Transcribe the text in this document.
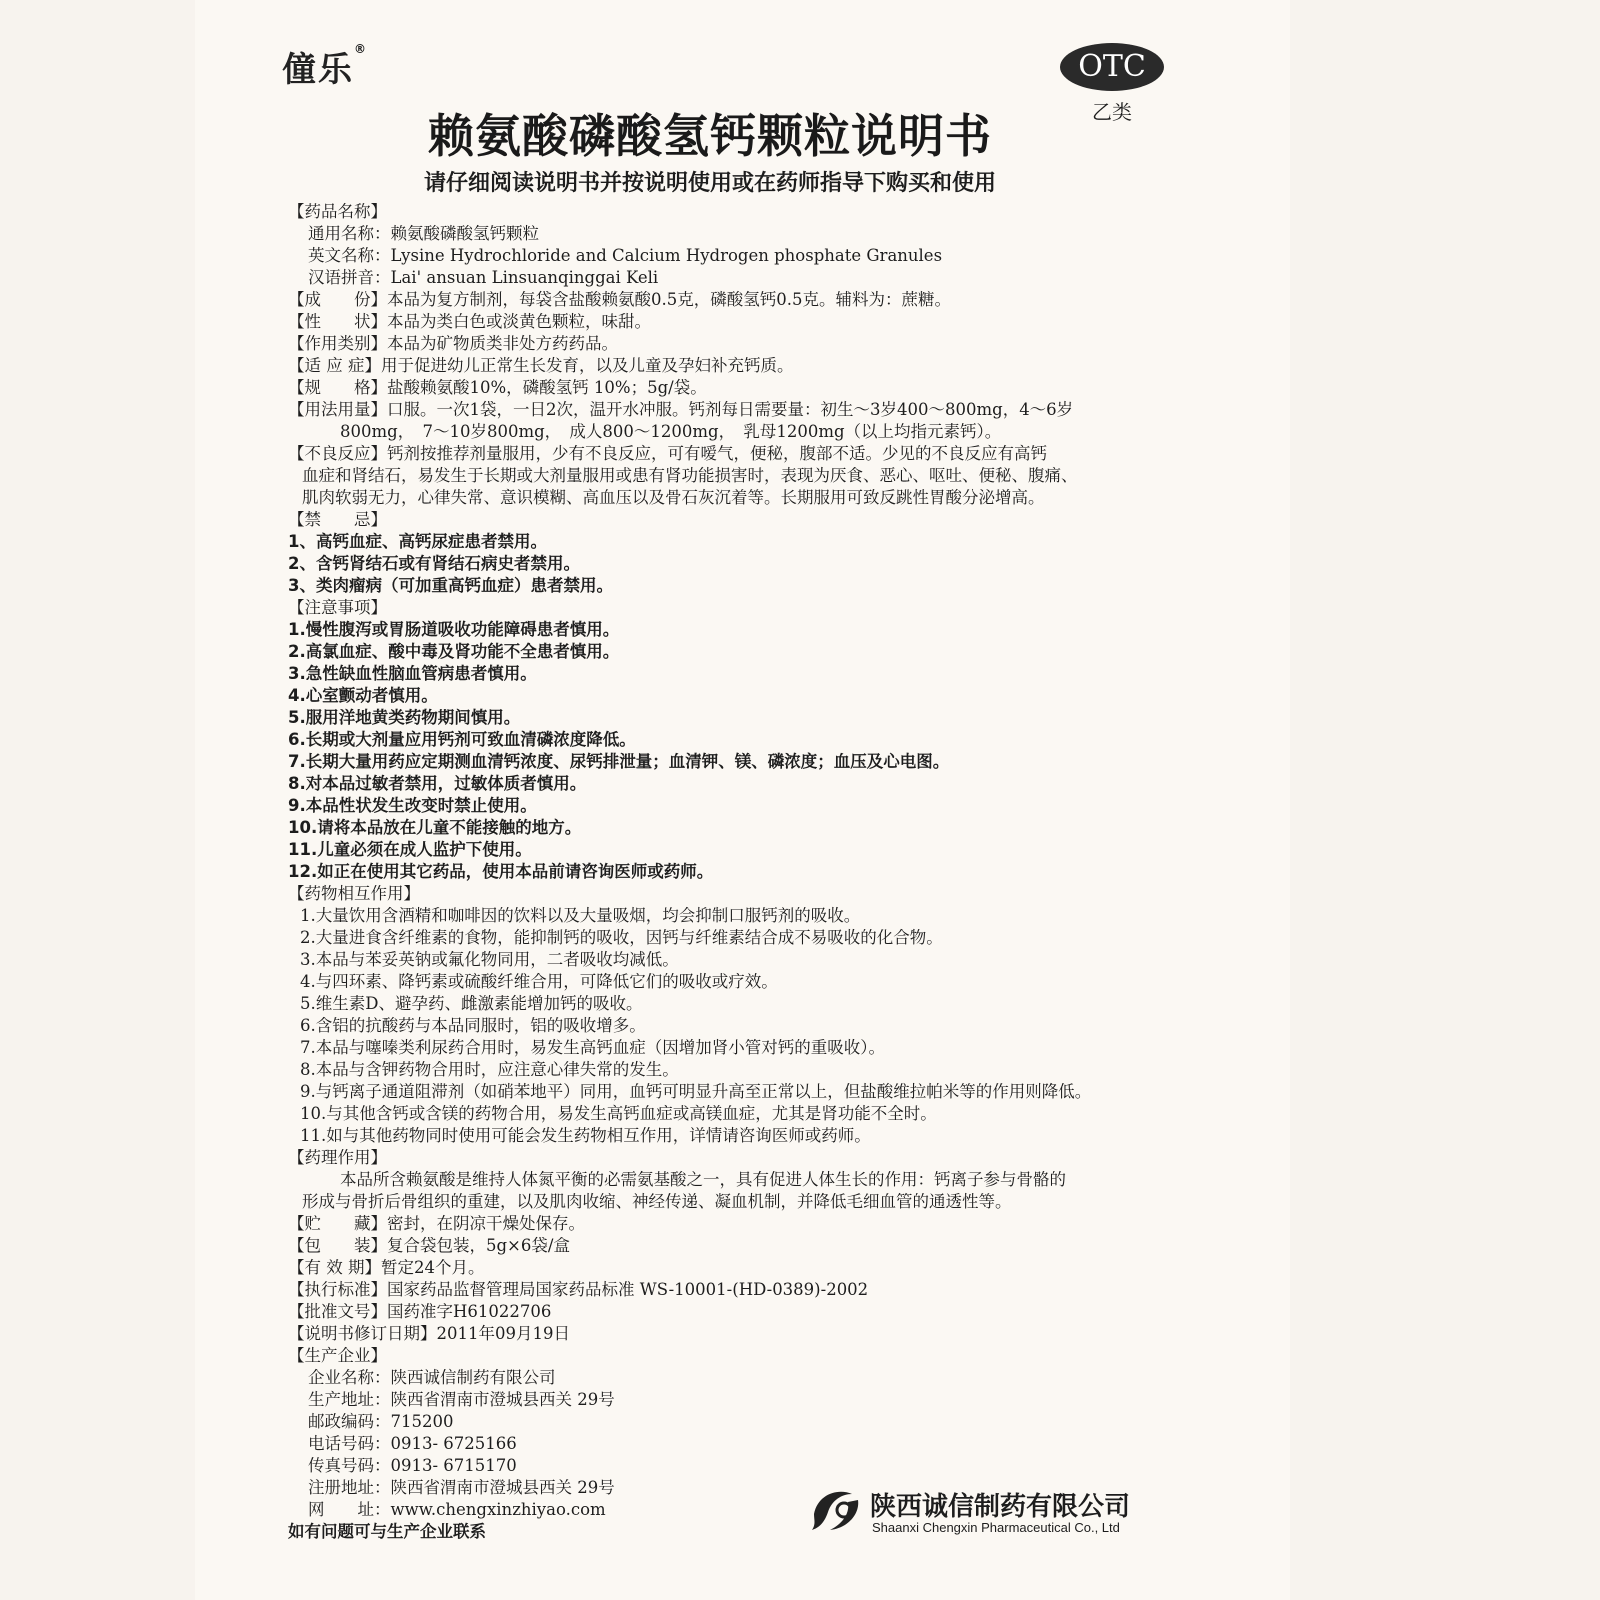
僮乐®	OTC
乙类
赖氨酸磷酸氢钙颗粒说明书
请仔细阅读说明书并按说明使用或在药师指导下购买和使用
【药品名称】
通用名称：赖氨酸磷酸氢钙颗粒
英文名称：Lysine Hydrochloride and Calcium Hydrogen phosphate Granules
汉语拼音：Lai' ansuan Linsuanqinggai Keli
【成　　份】本品为复方制剂，每袋含盐酸赖氨酸0.5克，磷酸氢钙0.5克。辅料为：蔗糖。
【性　　状】本品为类白色或淡黄色颗粒，味甜。
【作用类别】本品为矿物质类非处方药药品。
【适 应 症】用于促进幼儿正常生长发育，以及儿童及孕妇补充钙质。
【规　　格】盐酸赖氨酸10%，磷酸氢钙 10%；5g/袋。
【用法用量】口服。一次1袋，一日2次，温开水冲服。钙剂每日需要量：初生～3岁400～800mg，4～6岁
800mg，　7～10岁800mg，　成人800～1200mg，　乳母1200mg（以上均指元素钙）。
【不良反应】钙剂按推荐剂量服用，少有不良反应，可有嗳气，便秘，腹部不适。少见的不良反应有高钙
血症和肾结石，易发生于长期或大剂量服用或患有肾功能损害时，表现为厌食、恶心、呕吐、便秘、腹痛、
肌肉软弱无力，心律失常、意识模糊、高血压以及骨石灰沉着等。长期服用可致反跳性胃酸分泌增高。
【禁　　忌】
1、高钙血症、高钙尿症患者禁用。
2、含钙肾结石或有肾结石病史者禁用。
3、类肉瘤病（可加重高钙血症）患者禁用。
【注意事项】
1.慢性腹泻或胃肠道吸收功能障碍患者慎用。
2.高氯血症、酸中毒及肾功能不全患者慎用。
3.急性缺血性脑血管病患者慎用。
4.心室颤动者慎用。
5.服用洋地黄类药物期间慎用。
6.长期或大剂量应用钙剂可致血清磷浓度降低。
7.长期大量用药应定期测血清钙浓度、尿钙排泄量；血清钾、镁、磷浓度；血压及心电图。
8.对本品过敏者禁用，过敏体质者慎用。
9.本品性状发生改变时禁止使用。
10.请将本品放在儿童不能接触的地方。
11.儿童必须在成人监护下使用。
12.如正在使用其它药品，使用本品前请咨询医师或药师。
【药物相互作用】
1.大量饮用含酒精和咖啡因的饮料以及大量吸烟，均会抑制口服钙剂的吸收。
2.大量进食含纤维素的食物，能抑制钙的吸收，因钙与纤维素结合成不易吸收的化合物。
3.本品与苯妥英钠或氟化物同用，二者吸收均减低。
4.与四环素、降钙素或硫酸纤维合用，可降低它们的吸收或疗效。
5.维生素D、避孕药、雌激素能增加钙的吸收。
6.含铝的抗酸药与本品同服时，铝的吸收增多。
7.本品与噻嗪类利尿药合用时，易发生高钙血症（因增加肾小管对钙的重吸收）。
8.本品与含钾药物合用时，应注意心律失常的发生。
9.与钙离子通道阻滞剂（如硝苯地平）同用，血钙可明显升高至正常以上，但盐酸维拉帕米等的作用则降低。
10.与其他含钙或含镁的药物合用，易发生高钙血症或高镁血症，尤其是肾功能不全时。
11.如与其他药物同时使用可能会发生药物相互作用，详情请咨询医师或药师。
【药理作用】
本品所含赖氨酸是维持人体氮平衡的必需氨基酸之一，具有促进人体生长的作用：钙离子参与骨骼的
形成与骨折后骨组织的重建，以及肌肉收缩、神经传递、凝血机制，并降低毛细血管的通透性等。
【贮　　藏】密封，在阴凉干燥处保存。
【包　　装】复合袋包装，5g×6袋/盒
【有 效 期】暂定24个月。
【执行标准】国家药品监督管理局国家药品标准 WS-10001-(HD-0389)-2002
【批准文号】国药准字H61022706
【说明书修订日期】2011年09月19日
【生产企业】
企业名称：陕西诚信制药有限公司
生产地址：陕西省渭南市澄城县西关 29号
邮政编码：715200
电话号码：0913- 6725166
传真号码：0913- 6715170
注册地址：陕西省渭南市澄城县西关 29号
网　　址：www.chengxinzhiyao.com
如有问题可与生产企业联系
陕西诚信制药有限公司
Shaanxi Chengxin Pharmaceutical Co., Ltd
